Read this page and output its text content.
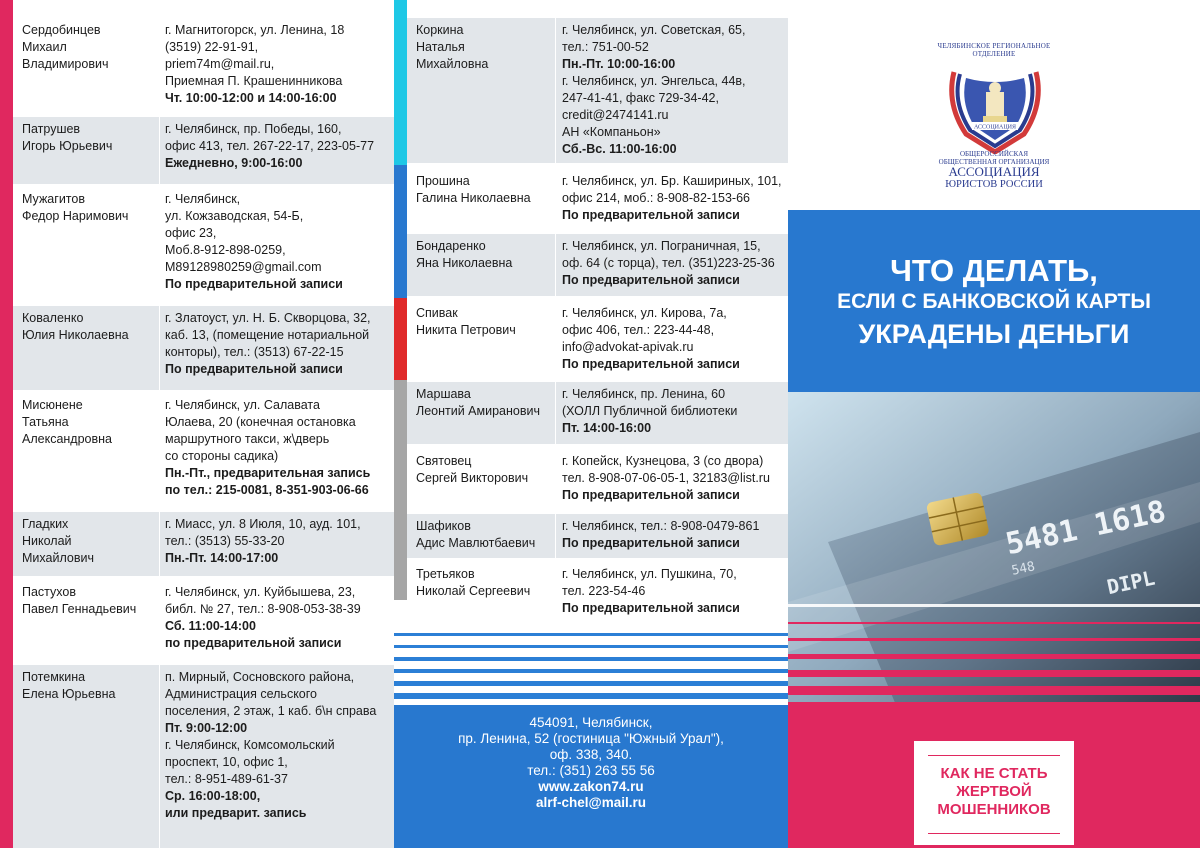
Сердобинцев
Михаил
Владимирович
г. Магнитогорск, ул. Ленина, 18
(3519) 22-91-91,
priem74m@mail.ru,
Приемная П. Крашенинникова
Чт. 10:00-12:00 и 14:00-16:00
Патрушев
Игорь Юрьевич
г. Челябинск, пр. Победы, 160,
офис 413, тел. 267-22-17, 223-05-77
Ежедневно, 9:00-16:00
Мужагитов
Федор Наримович
г. Челябинск,
ул. Кожзаводская, 54-Б,
офис 23,
Моб.8-912-898-0259,
M89128980259@gmail.com
По предварительной записи
Коваленко
Юлия Николаевна
г. Златоуст, ул. Н. Б. Скворцова, 32,
каб. 13, (помещение нотариальной
конторы), тел.: (3513) 67-22-15
По предварительной записи
Мисюнене
Татьяна
Александровна
г. Челябинск, ул. Салавата
Юлаева, 20 (конечная остановка
маршрутного такси, ж\дверь
со стороны садика)
Пн.-Пт., предварительная запись
по тел.: 215-0081, 8-351-903-06-66
Гладких
Николай
Михайлович
г. Миасс, ул. 8 Июля, 10, ауд. 101,
тел.: (3513) 55-33-20
Пн.-Пт. 14:00-17:00
Пастухов
Павел Геннадьевич
г. Челябинск, ул. Куйбышева, 23,
библ. № 27, тел.: 8-908-053-38-39
Сб. 11:00-14:00
по предварительной записи
Потемкина
Елена Юрьевна
п. Мирный, Сосновского района,
Администрация сельского
поселения, 2 этаж, 1 каб. б\н справа
Пт. 9:00-12:00
г. Челябинск, Комсомольский
проспект, 10, офис 1,
тел.: 8-951-489-61-37
Ср. 16:00-18:00,
или предварит. запись
Коркина
Наталья
Михайловна
г. Челябинск, ул. Советская, 65,
тел.: 751-00-52
Пн.-Пт. 10:00-16:00
г. Челябинск, ул. Энгельса, 44в,
247-41-41, факс 729-34-42,
credit@2474141.ru
АН «Компаньон»
Сб.-Вс. 11:00-16:00
Прошина
Галина Николаевна
г. Челябинск, ул. Бр. Кашириных, 101,
офис 214, моб.: 8-908-82-153-66
По предварительной записи
Бондаренко
Яна Николаевна
г. Челябинск, ул. Пограничная, 15,
оф. 64 (с торца), тел. (351)223-25-36
По предварительной записи
Спивак
Никита Петрович
г. Челябинск, ул. Кирова, 7а,
офис 406, тел.: 223-44-48,
info@advokat-apivak.ru
По предварительной записи
Маршава
Леонтий Амиранович
г. Челябинск, пр. Ленина, 60
(ХОЛЛ Публичной библиотеки
Пт. 14:00-16:00
Святовец
Сергей Викторович
г. Копейск, Кузнецова, 3 (со двора)
тел. 8-908-07-06-05-1, 32183@list.ru
По предварительной записи
Шафиков
Адис Мавлютбаевич
г. Челябинск, тел.: 8-908-0479-861
По предварительной записи
Третьяков
Николай Сергеевич
г. Челябинск, ул. Пушкина, 70,
тел. 223-54-46
По предварительной записи
454091, Челябинск,
пр. Ленина, 52 (гостиница "Южный Урал"),
оф. 338, 340.
тел.: (351) 263 55 56
www.zakon74.ru
alrf-chel@mail.ru
ЧЕЛЯБИНСКОЕ РЕГИОНАЛЬНОЕ
ОТДЕЛЕНИЕ
АССОЦИАЦИЯ
ОБЩЕРОССИЙСКАЯ
ОБЩЕСТВЕННАЯ ОРГАНИЗАЦИЯ
АССОЦИАЦИЯ
ЮРИСТОВ РОССИИ
ЧТО ДЕЛАТЬ,
ЕСЛИ С БАНКОВСКОЙ КАРТЫ
УКРАДЕНЫ ДЕНЬГИ
5481 1618
548	DIPL
КАК НЕ СТАТЬ
ЖЕРТВОЙ
МОШЕННИКОВ
